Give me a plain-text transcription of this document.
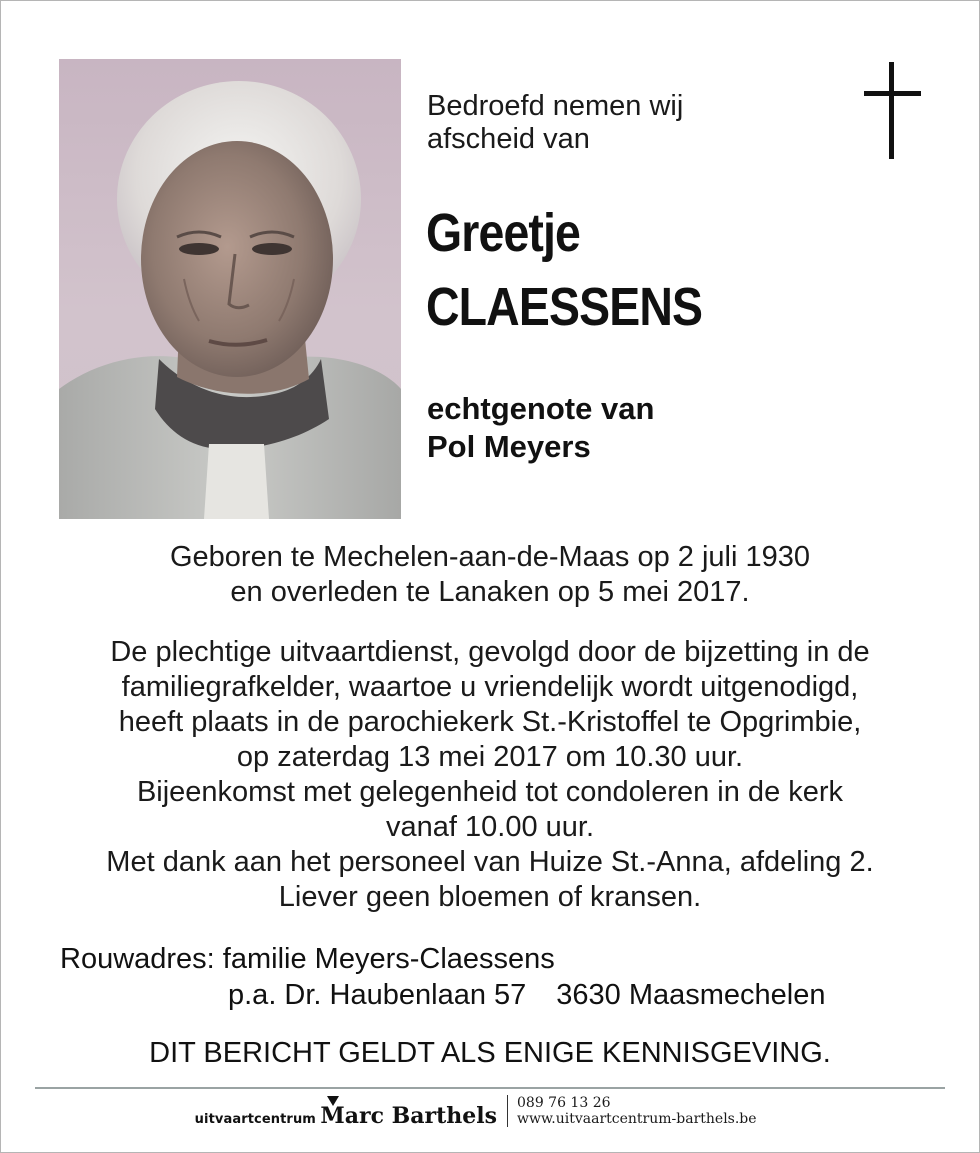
Bedroefd nemen wij
afscheid van
Greetje
CLAESSENS
echtgenote van
Pol Meyers
Geboren te Mechelen-aan-de-Maas op 2 juli 1930
en overleden te Lanaken op 5 mei 2017.
De plechtige uitvaartdienst, gevolgd door de bijzetting in de
familiegrafkelder, waartoe u vriendelijk wordt uitgenodigd,
heeft plaats in de parochiekerk St.-Kristoffel te Opgrimbie,
op zaterdag 13 mei 2017 om 10.30 uur.
Bijeenkomst met gelegenheid tot condoleren in de kerk
vanaf 10.00 uur.
Met dank aan het personeel van Huize St.-Anna, afdeling 2.
Liever geen bloemen of kransen.
Rouwadres: familie Meyers-Claessens
p.a. Dr. Haubenlaan 57 3630 Maasmechelen
DIT BERICHT GELDT ALS ENIGE KENNISGEVING.
uitvaartcentrum Marc Barthels 089 76 13 26
www.uitvaartcentrum-barthels.be
